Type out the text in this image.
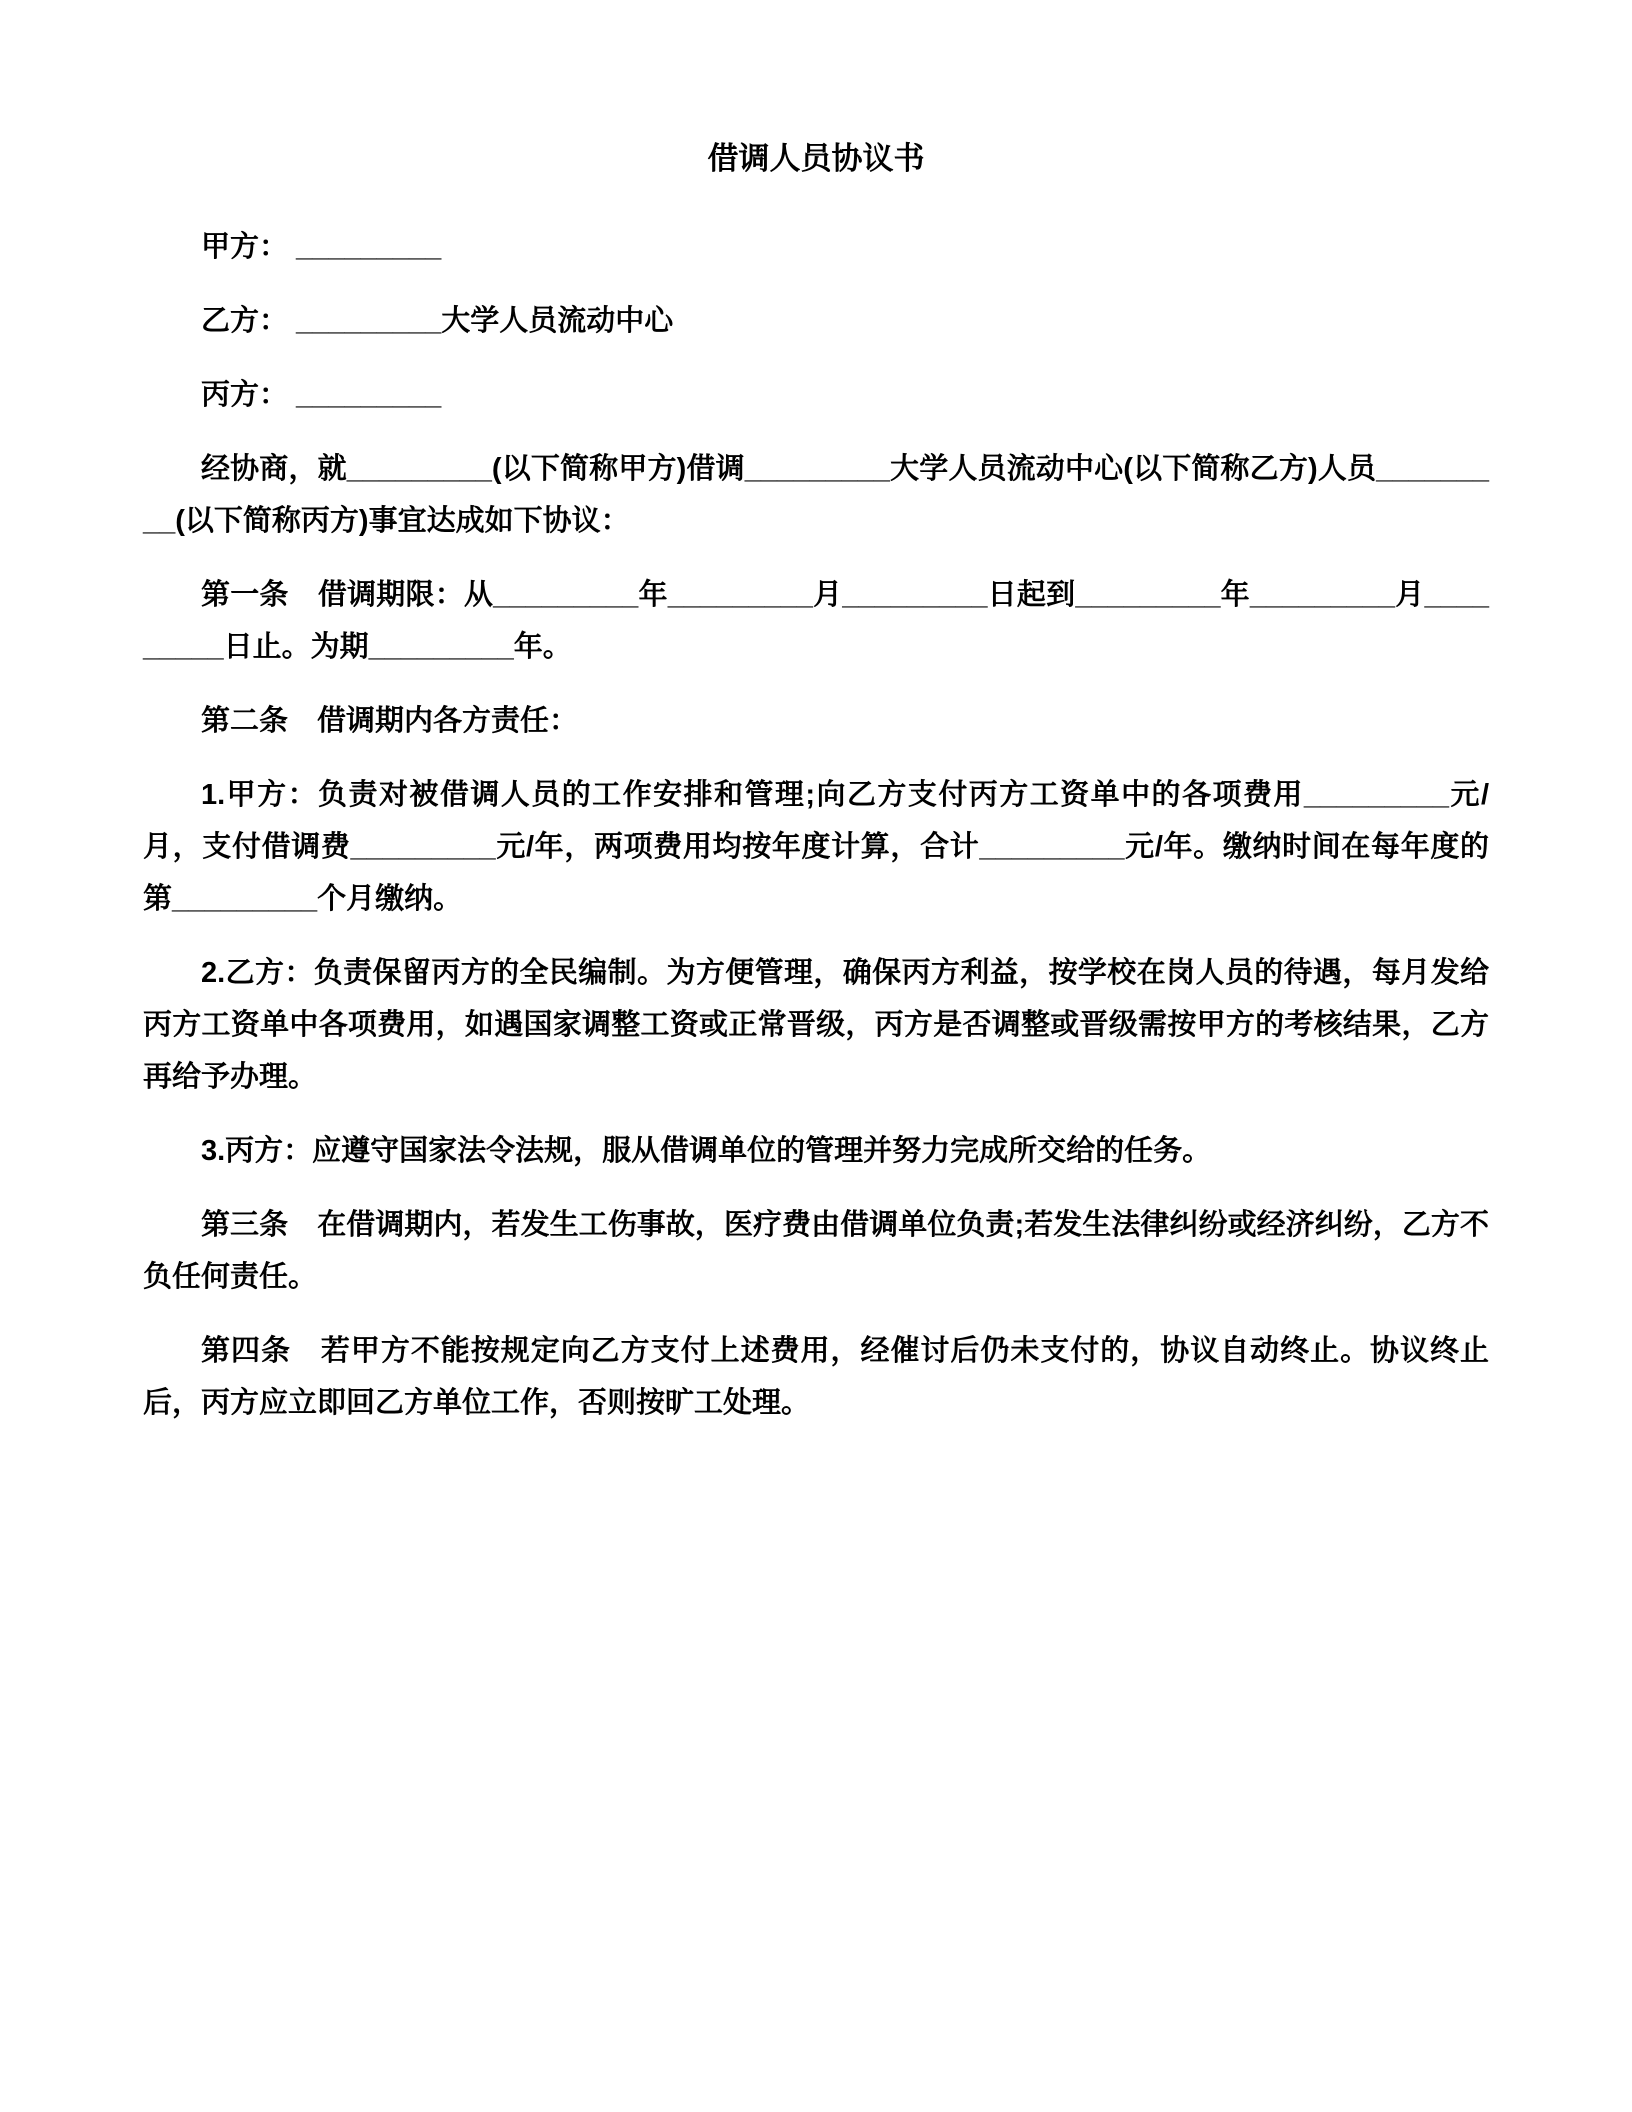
借调人员协议书

甲方： _________

乙方： _________大学人员流动中心

丙方： _________

经协商，就_________(以下简称甲方)借调_________大学人员流动中心(以下简称乙方)人员_________(以下简称丙方)事宜达成如下协议：

第一条　借调期限：从_________年_________月_________日起到_________年_________月_________日止。为期_________年。

第二条　借调期内各方责任：

1.甲方：负责对被借调人员的工作安排和管理;向乙方支付丙方工资单中的各项费用_________元/月，支付借调费_________元/年，两项费用均按年度计算，合计_________元/年。缴纳时间在每年度的第_________个月缴纳。

2.乙方：负责保留丙方的全民编制。为方便管理，确保丙方利益，按学校在岗人员的待遇，每月发给丙方工资单中各项费用，如遇国家调整工资或正常晋级，丙方是否调整或晋级需按甲方的考核结果，乙方再给予办理。

3.丙方：应遵守国家法令法规，服从借调单位的管理并努力完成所交给的任务。

第三条　在借调期内，若发生工伤事故，医疗费由借调单位负责;若发生法律纠纷或经济纠纷，乙方不负任何责任。

第四条　若甲方不能按规定向乙方支付上述费用，经催讨后仍未支付的，协议自动终止。协议终止后，丙方应立即回乙方单位工作，否则按旷工处理。
